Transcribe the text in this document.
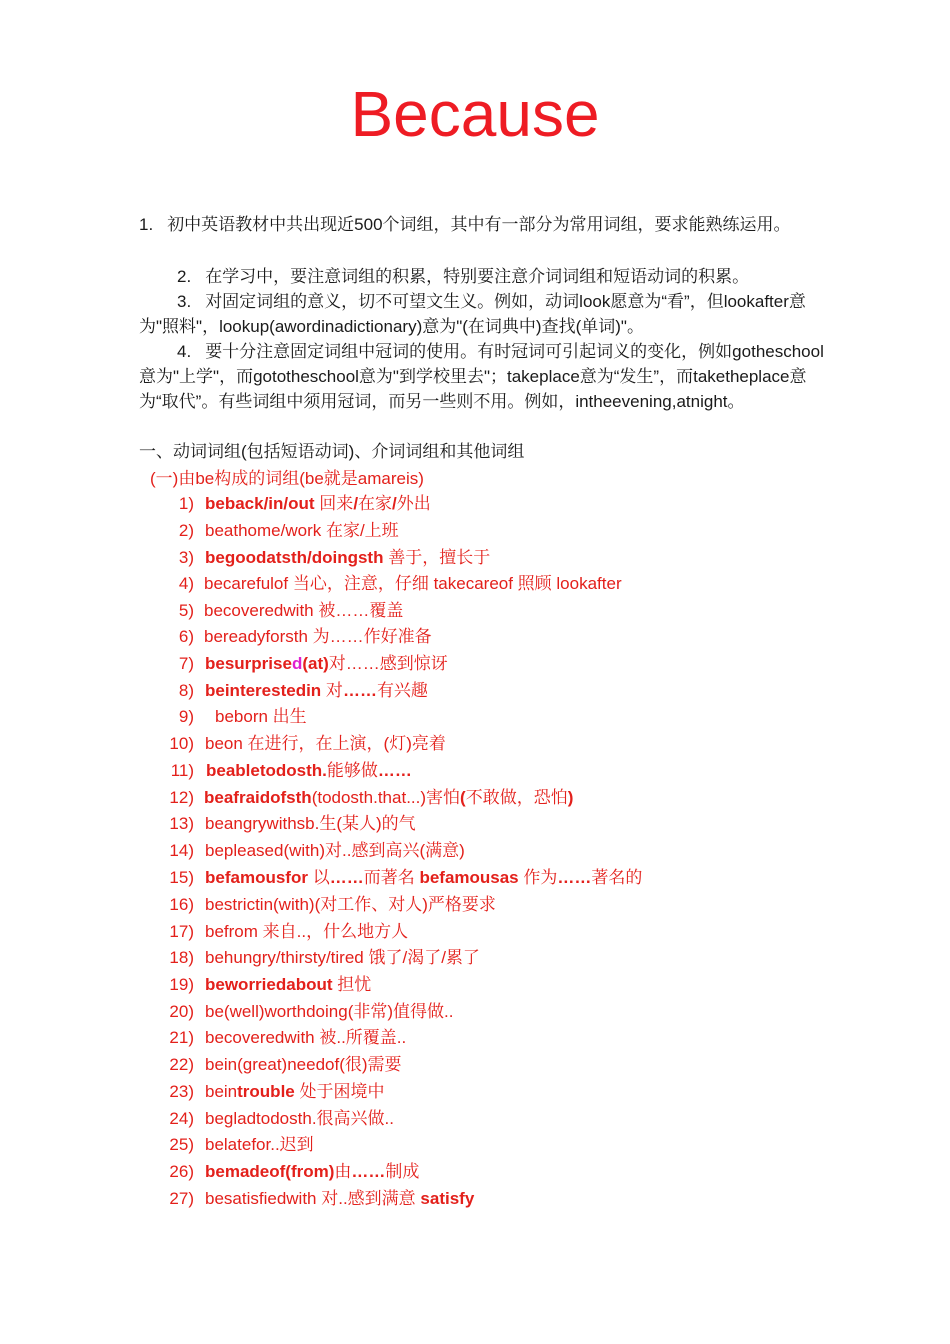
Because

1. 初中英语教材中共出现近500个词组，其中有一部分为常用词组，要求能熟练运用。

2. 在学习中，要注意词组的积累，特别要注意介词词组和短语动词的积累。

3. 对固定词组的意义，切不可望文生义。例如，动词look愿意为“看”，但lookafter意为"照料"，lookup(awordinadictionary)意为"(在词典中)查找(单词)"。

4. 要十分注意固定词组中冠词的使用。有时冠词可引起词义的变化，例如gotheschool意为"上学"，而gototheschool意为"到学校里去"；takeplace意为“发生”，而taketheplace意为“取代”。有些词组中须用冠词，而另一些则不用。例如，intheevening,atnight。

一、动词词组(包括短语动词)、介词词组和其他词组
(一)由be构成的词组(be就是amareis)
1) beback/in/out 回来/在家/外出
2) beathome/work 在家/上班
3) begoodatsth/doingsth 善于，擅长于
4) becarefulof 当心，注意，仔细 takecareof 照顾 lookafter
5) becoveredwith 被……覆盖
6) bereadyforsth 为……作好准备
7) besurprised(at)对……感到惊讶
8) beinterestedin 对……有兴趣
9) beborn 出生
10) beon 在进行，在上演，(灯)亮着
11) beabletodosth.能够做……
12) beafraidofsth(todosth.that...)害怕(不敢做，恐怕)
13) beangrywithsb.生(某人)的气
14) bepleased(with)对..感到高兴(满意)
15) befamousfor 以……而著名 befamousas 作为……著名的
16) bestrictin(with)(对工作、对人)严格要求
17) befrom 来自..，什么地方人
18) behungry/thirsty/tired 饿了/渴了/累了
19) beworriedabout 担忧
20) be(well)worthdoing(非常)值得做..
21) becoveredwith 被..所覆盖..
22) bein(great)needof(很)需要
23) beintrouble 处于困境中
24) begladtodosth.很高兴做..
25) belatefor..迟到
26) bemadeof(from)由……制成
27) besatisfiedwith 对..感到满意 satisfy
